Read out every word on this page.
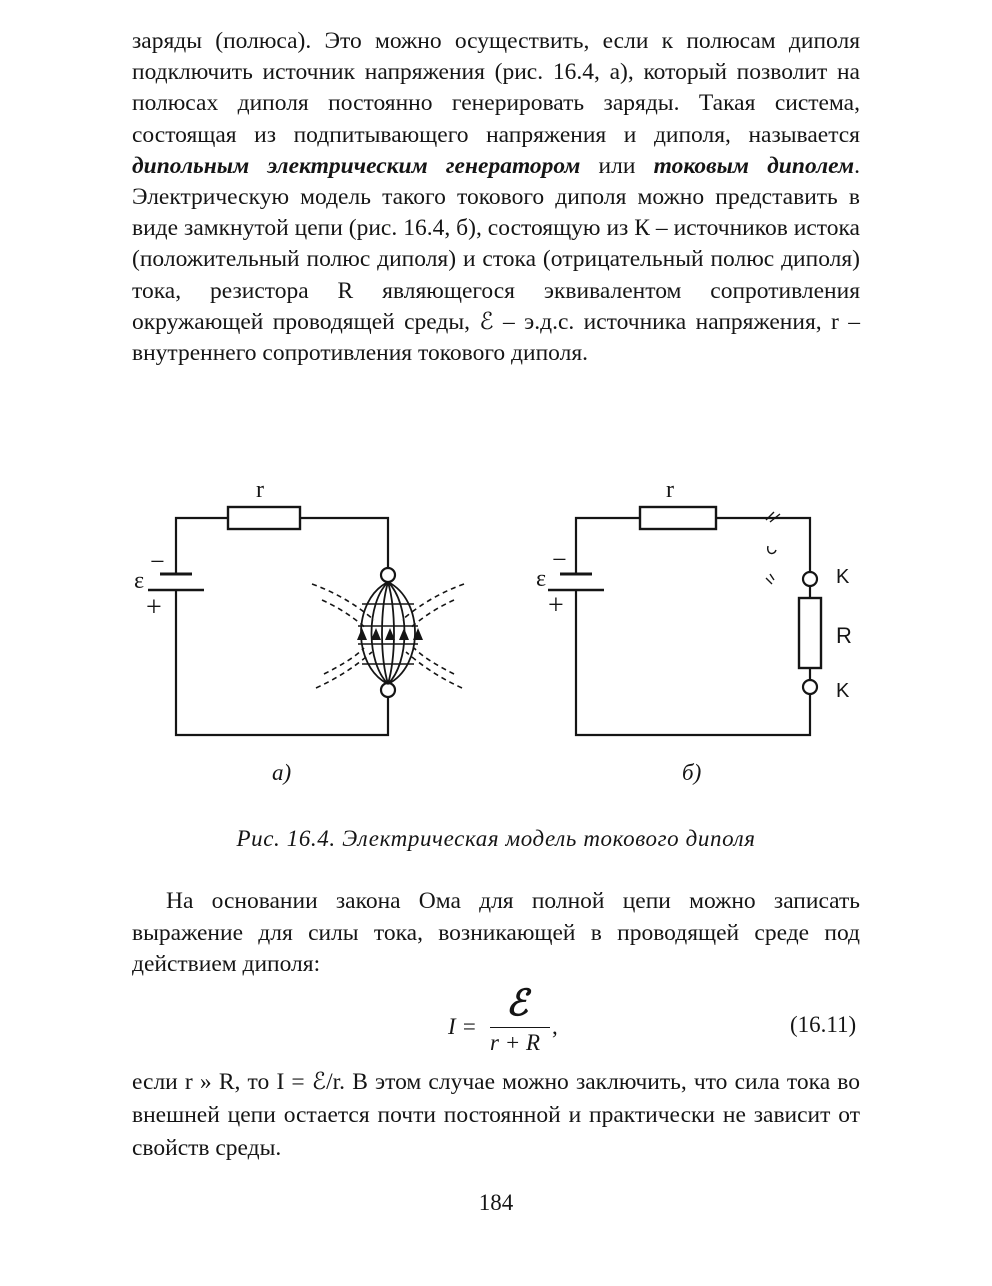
заряды (полюса). Это можно осуществить, если к полюсам диполя подключить источник напряжения (рис. 16.4, а), который позволит на полюсах диполя постоянно генерировать заряды. Такая система, состоящая из подпитывающего напряжения и диполя, называется дипольным электрическим генератором или токовым диполем. Электрическую модель такого токового диполя можно представить в виде замкнутой цепи (рис. 16.4, б), состоящую из К – источников истока (положительный полюс диполя) и стока (отрицательный полюс диполя) тока, резистора R являющегося эквивалентом сопротивления окружающей проводящей среды, ℰ – э.д.с. источника напряжения, r – внутреннего сопротивления токового диполя.

r
ε
−
+
r
ε
−
+
K
R
K
а)	б)
Рис. 16.4. Электрическая модель токового диполя

На основании закона Ома для полной цепи можно записать выражение для силы тока, возникающей в проводящей среде под действием диполя:

I =
ℰ
r + R
,	(16.11)

если r » R, то I = ℰ/r. В этом случае можно заключить, что сила тока во внешней цепи остается почти постоянной и практически не зависит от свойств среды.

184
